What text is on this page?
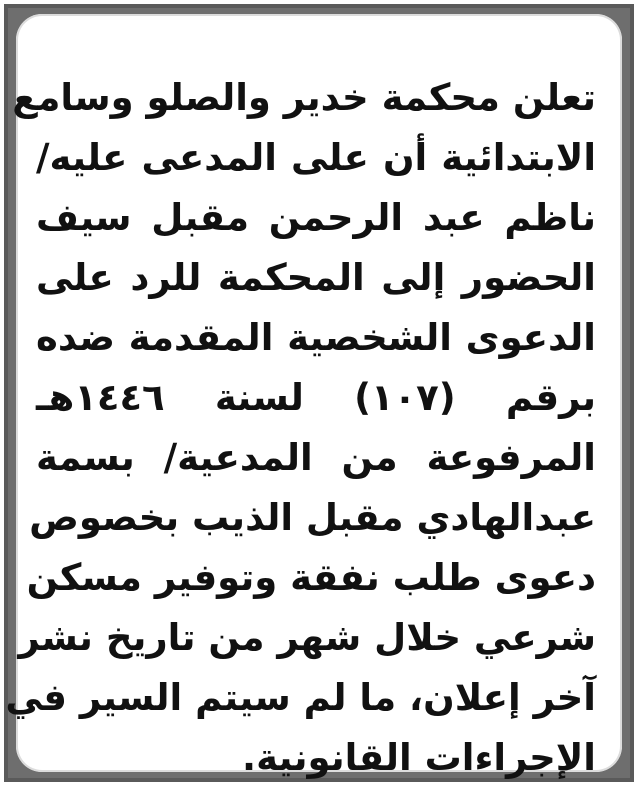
تعلن محكمة خدير والصلو وسامع
الابتدائية أن على المدعى عليه/
ناظم عبد الرحمن مقبل سيف
الحضور إلى المحكمة للرد على
الدعوى الشخصية المقدمة ضده
برقم (١٠٧) لسنة ١٤٤٦هـ
المرفوعة من المدعية/ بسمة
عبدالهادي مقبل الذيب بخصوص
دعوى طلب نفقة وتوفير مسكن
شرعي خلال شهر من تاريخ نشر
آخر إعلان، ما لم سيتم السير في
الإجراءات القانونية.
